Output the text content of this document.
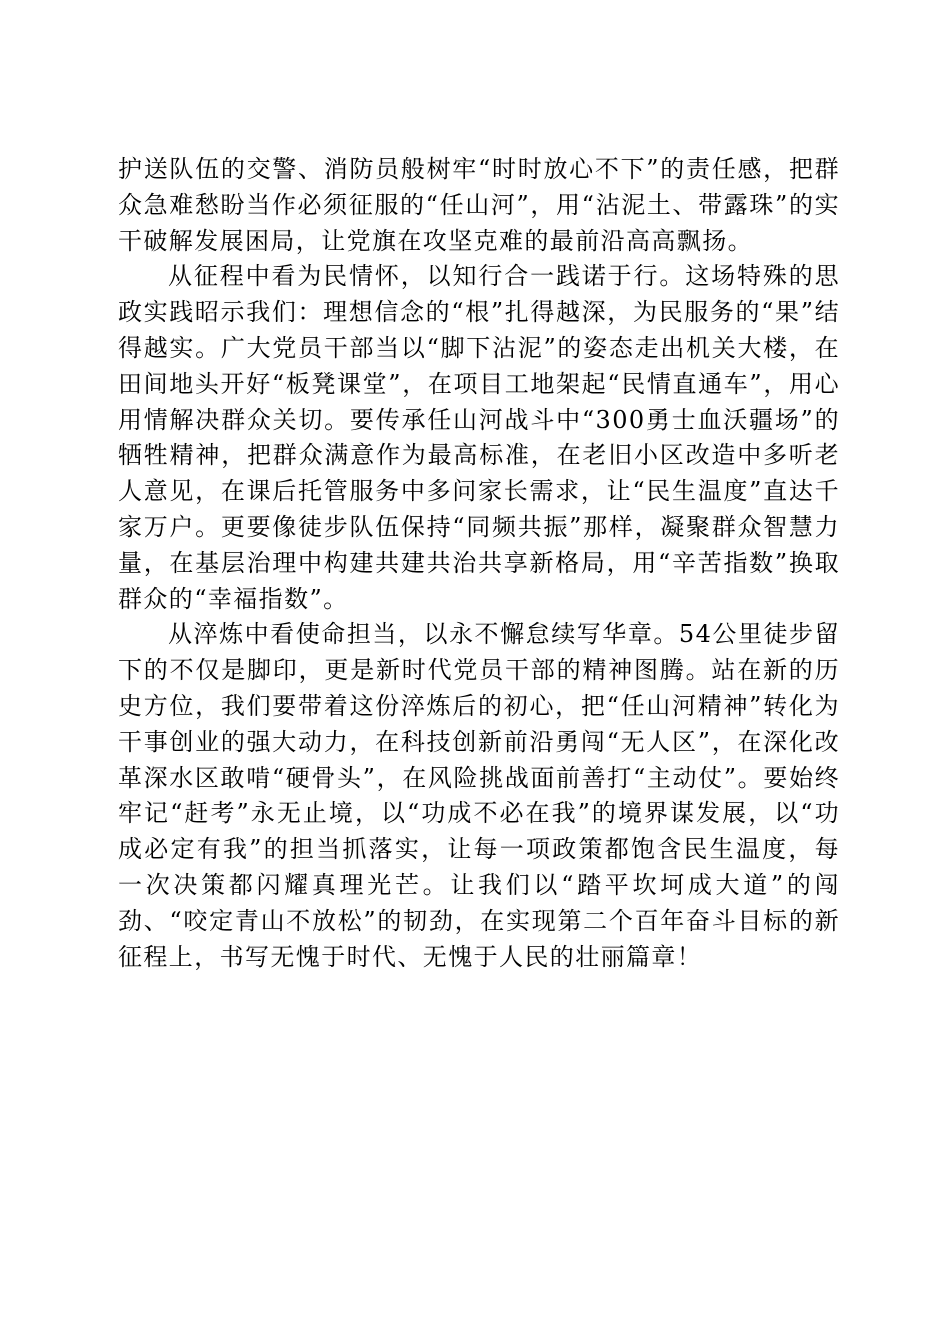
护送队伍的交警、消防员般树牢“时时放心不下”的责任感，把群众急难愁盼当作必须征服的“任山河”，用“沾泥土、带露珠”的实干破解发展困局，让党旗在攻坚克难的最前沿高高飘扬。

从征程中看为民情怀，以知行合一践诺于行。这场特殊的思政实践昭示我们：理想信念的“根”扎得越深，为民服务的“果”结得越实。广大党员干部当以“脚下沾泥”的姿态走出机关大楼，在田间地头开好“板凳课堂”，在项目工地架起“民情直通车”，用心用情解决群众关切。要传承任山河战斗中“300勇士血沃疆场”的牺牲精神，把群众满意作为最高标准，在老旧小区改造中多听老人意见，在课后托管服务中多问家长需求，让“民生温度”直达千家万户。更要像徒步队伍保持“同频共振”那样，凝聚群众智慧力量，在基层治理中构建共建共治共享新格局，用“辛苦指数”换取群众的“幸福指数”。

从淬炼中看使命担当，以永不懈怠续写华章。54公里徒步留下的不仅是脚印，更是新时代党员干部的精神图腾。站在新的历史方位，我们要带着这份淬炼后的初心，把“任山河精神”转化为干事创业的强大动力，在科技创新前沿勇闯“无人区”，在深化改革深水区敢啃“硬骨头”，在风险挑战面前善打“主动仗”。要始终牢记“赶考”永无止境，以“功成不必在我”的境界谋发展，以“功成必定有我”的担当抓落实，让每一项政策都饱含民生温度，每一次决策都闪耀真理光芒。让我们以“踏平坎坷成大道”的闯劲、“咬定青山不放松”的韧劲，在实现第二个百年奋斗目标的新征程上，书写无愧于时代、无愧于人民的壮丽篇章！
